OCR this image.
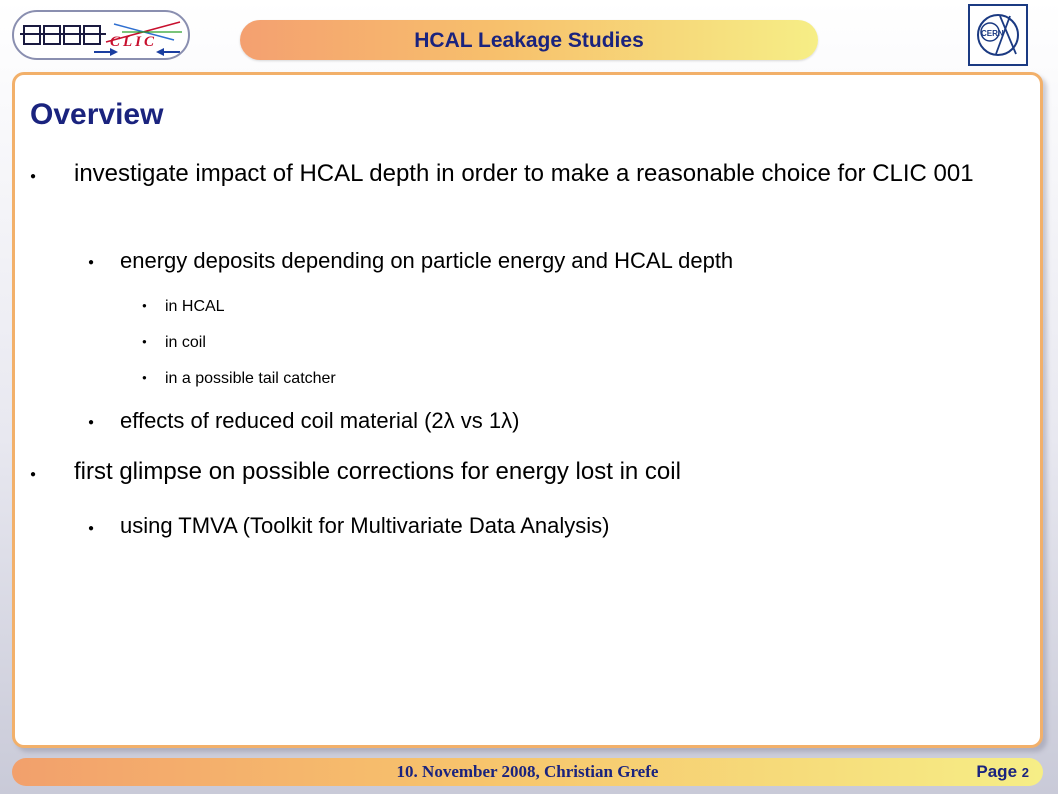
CLIC	HCAL Leakage Studies	CERN
Overview
● investigate impact of HCAL depth in order to make a reasonable choice for CLIC 001
● energy deposits depending on particle energy and HCAL depth
● in HCAL
● in coil
● in a possible tail catcher
● effects of reduced coil material (2λ vs 1λ)
● first glimpse on possible corrections for energy lost in coil
● using TMVA (Toolkit for Multivariate Data Analysis)
10. November 2008, Christian Grefe	Page 2
